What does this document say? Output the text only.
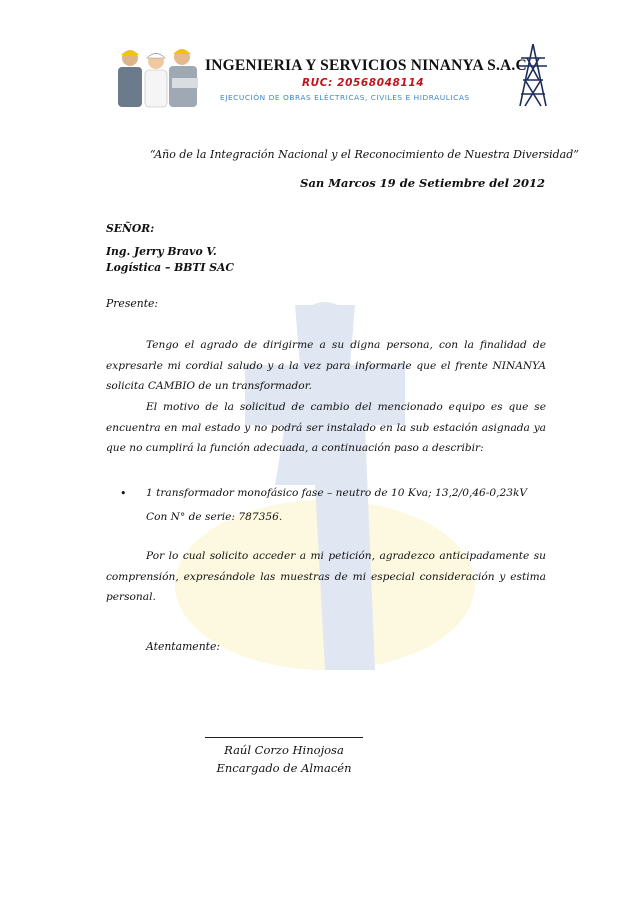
INGENIERIA Y SERVICIOS NINANYA S.A.C
RUC: 20568048114
EJECUCIÓN DE OBRAS ELÉCTRICAS, CIVILES E HIDRAULICAS
“Año de la Integración Nacional y el Reconocimiento de Nuestra Diversidad”
San Marcos 19 de Setiembre del 2012
SEÑOR:
Ing. Jerry Bravo V.
Logística – BBTI SAC
Presente:
Tengo el agrado de dirigirme a su digna persona, con la finalidad de expresarle mi cordial saludo y a la vez para informarle que el frente NINANYA solicita CAMBIO de un transformador.
El motivo de la solicitud de cambio del mencionado equipo es que se encuentra en mal estado y no podrá ser instalado en la sub estación asignada ya que no cumplirá la función adecuada, a continuación paso a describir:
• 1 transformador monofásico fase – neutro de 10 Kva; 13,2/0,46-0,23kV
Con N° de serie: 787356.
Por lo cual solicito acceder a mi petición, agradezco anticipadamente su comprensión, expresándole las muestras de mi especial consideración y estima personal.
Atentamente:
Raúl Corzo Hinojosa
Encargado de Almacén
